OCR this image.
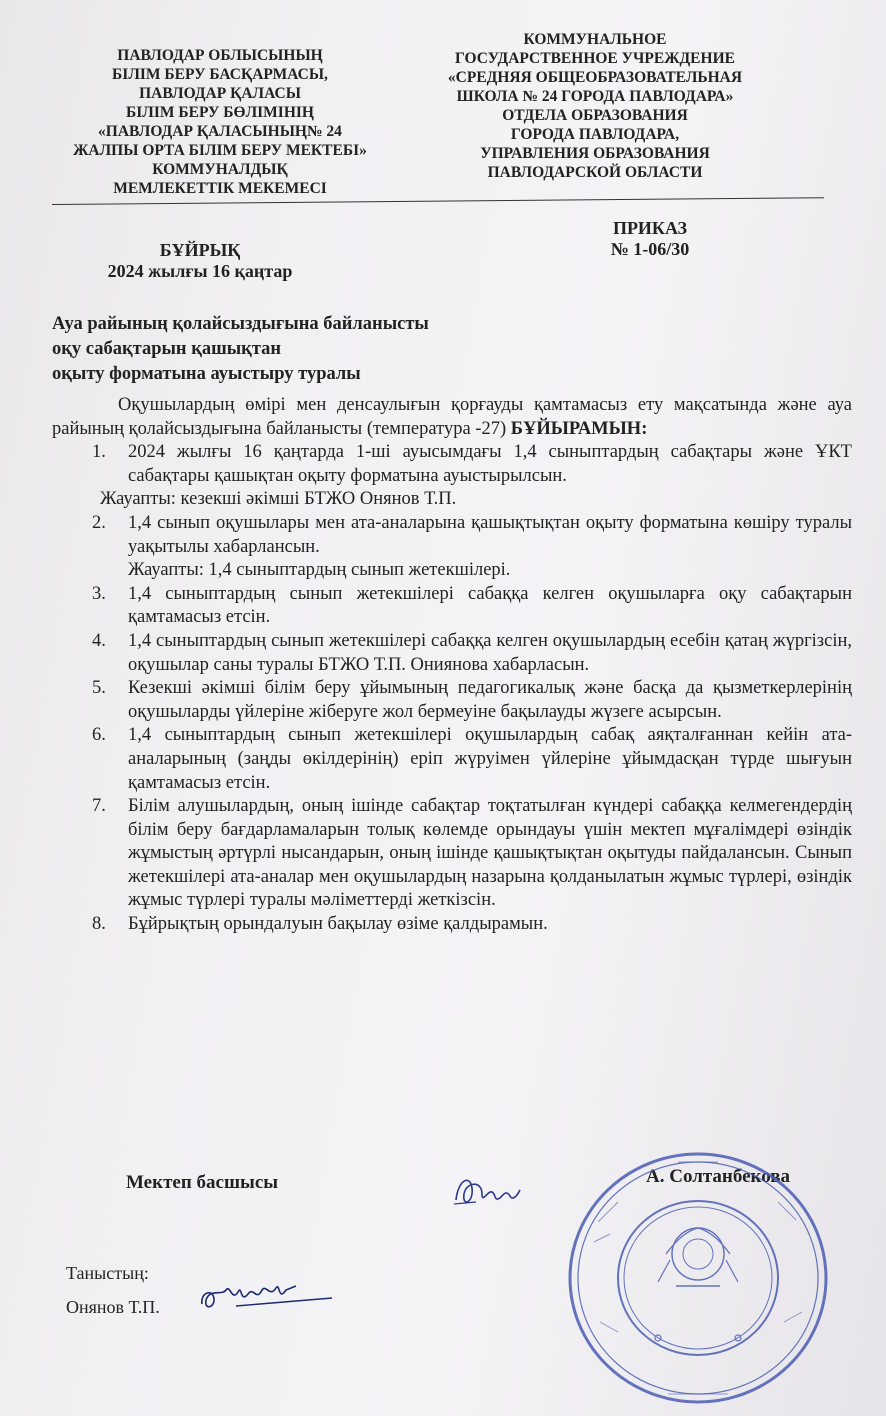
ПАВЛОДАР ОБЛЫСЫНЫҢ
БІЛІМ БЕРУ БАСҚАРМАСЫ,
ПАВЛОДАР ҚАЛАСЫ
БІЛІМ БЕРУ БӨЛІМІНІҢ
«ПАВЛОДАР ҚАЛАСЫНЫҢ№ 24
ЖАЛПЫ ОРТА БІЛІМ БЕРУ МЕКТЕБІ»
КОММУНАЛДЫҚ
МЕМЛЕКЕТТІК МЕКЕМЕСІ
КОММУНАЛЬНОЕ
ГОСУДАРСТВЕННОЕ УЧРЕЖДЕНИЕ
«СРЕДНЯЯ ОБЩЕОБРАЗОВАТЕЛЬНАЯ
ШКОЛА № 24 ГОРОДА ПАВЛОДАРА»
ОТДЕЛА ОБРАЗОВАНИЯ
ГОРОДА ПАВЛОДАРА,
УПРАВЛЕНИЯ ОБРАЗОВАНИЯ
ПАВЛОДАРСКОЙ ОБЛАСТИ
БҰЙРЫҚ
2024 жылғы 16 қаңтар
ПРИКАЗ
№ 1-06/30
Ауа райының қолайсыздығына байланысты
оқу сабақтарын қашықтан
оқыту форматына ауыстыру туралы

Оқушылардың өмірі мен денсаулығын қорғауды қамтамасыз ету мақсатында және ауа райының қолайсыздығына байланысты (температура -27) БҰЙЫРАМЫН:

1. 2024 жылғы 16 қаңтарда 1-ші ауысымдағы 1,4 сыныптардың сабақтары және ҰКТ сабақтары қашықтан оқыту форматына ауыстырылсын.
Жауапты: кезекші әкімші БТЖО Онянов Т.П.
2. 1,4 сынып оқушылары мен ата-аналарына қашықтықтан оқыту форматына көшіру туралы уақытылы хабарлансын.
Жауапты: 1,4 сыныптардың сынып жетекшілері.
3. 1,4 сыныптардың сынып жетекшілері сабаққа келген оқушыларға оқу сабақтарын қамтамасыз етсін.
4. 1,4 сыныптардың сынып жетекшілері сабаққа келген оқушылардың есебін қатаң жүргізсін, оқушылар саны туралы БТЖО Т.П. Ониянова хабарласын.
5. Кезекші әкімші білім беру ұйымының педагогикалық және басқа да қызметкерлерінің оқушыларды үйлеріне жіберуге жол бермеуіне бақылауды жүзеге асырсын.
6. 1,4 сыныптардың сынып жетекшілері оқушылардың сабақ аяқталғаннан кейін ата-аналарының (заңды өкілдерінің) еріп жүруімен үйлеріне ұйымдасқан түрде шығуын қамтамасыз етсін.
7. Білім алушылардың, оның ішінде сабақтар тоқтатылған күндері сабаққа келмегендердің білім беру бағдарламаларын толық көлемде орындауы үшін мектеп мұғалімдері өзіндік жұмыстың әртүрлі нысандарын, оның ішінде қашықтықтан оқытуды пайдалансын. Сынып жетекшілері ата-аналар мен оқушылардың назарына қолданылатын жұмыс түрлері, өзіндік жұмыс түрлері туралы мәліметтерді жеткізсін.
8. Бұйрықтың орындалуын бақылау өзіме қалдырамын.
Мектеп басшысы	А. Солтанбекова
Таныстың:
Онянов Т.П.
